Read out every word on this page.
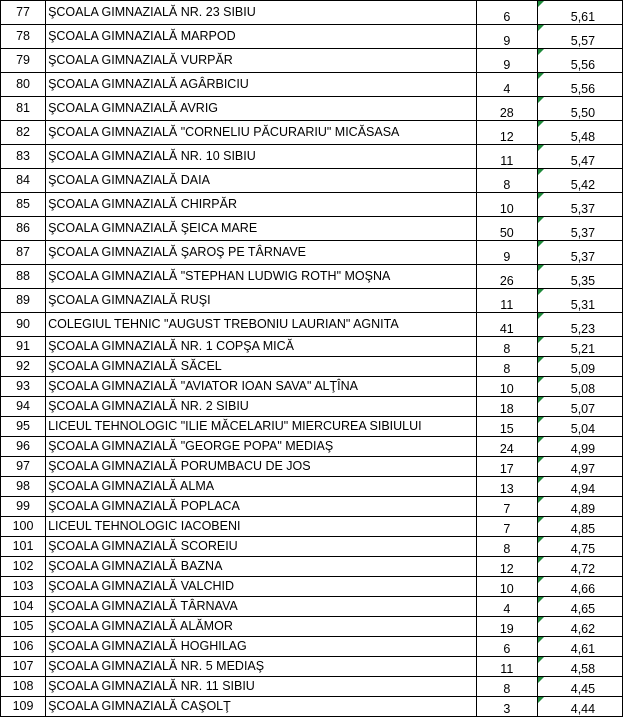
77	ŞCOALA GIMNAZIALĂ NR. 23 SIBIU	6	5,61
78	ŞCOALA GIMNAZIALĂ MARPOD	9	5,57
79	ŞCOALA GIMNAZIALĂ VURPĂR	9	5,56
80	ŞCOALA GIMNAZIALĂ AGÂRBICIU	4	5,56
81	ŞCOALA GIMNAZIALĂ AVRIG	28	5,50
82	ŞCOALA GIMNAZIALĂ "CORNELIU PĂCURARIU" MICĂSASA	12	5,48
83	ŞCOALA GIMNAZIALĂ NR. 10 SIBIU	11	5,47
84	ŞCOALA GIMNAZIALĂ DAIA	8	5,42
85	ŞCOALA GIMNAZIALĂ CHIRPĂR	10	5,37
86	ŞCOALA GIMNAZIALĂ ŞEICA MARE	50	5,37
87	ŞCOALA GIMNAZIALĂ ŞAROŞ PE TÂRNAVE	9	5,37
88	ŞCOALA GIMNAZIALĂ "STEPHAN LUDWIG ROTH" MOŞNA	26	5,35
89	ŞCOALA GIMNAZIALĂ RUŞI	11	5,31
90	COLEGIUL TEHNIC "AUGUST TREBONIU LAURIAN" AGNITA	41	5,23
91	ŞCOALA GIMNAZIALĂ NR. 1 COPŞA MICĂ	8	5,21
92	ŞCOALA GIMNAZIALĂ SĂCEL	8	5,09
93	ŞCOALA GIMNAZIALĂ "AVIATOR IOAN SAVA" ALŢÎNA	10	5,08
94	ŞCOALA GIMNAZIALĂ NR. 2 SIBIU	18	5,07
95	LICEUL TEHNOLOGIC "ILIE MĂCELARIU" MIERCUREA SIBIULUI	15	5,04
96	ŞCOALA GIMNAZIALĂ "GEORGE POPA" MEDIAŞ	24	4,99
97	ŞCOALA GIMNAZIALĂ PORUMBACU DE JOS	17	4,97
98	ŞCOALA GIMNAZIALĂ ALMA	13	4,94
99	ŞCOALA GIMNAZIALĂ POPLACA	7	4,89
100	LICEUL TEHNOLOGIC IACOBENI	7	4,85
101	ŞCOALA GIMNAZIALĂ SCOREIU	8	4,75
102	ŞCOALA GIMNAZIALĂ BAZNA	12	4,72
103	ŞCOALA GIMNAZIALĂ VALCHID	10	4,66
104	ŞCOALA GIMNAZIALĂ TÂRNAVA	4	4,65
105	ŞCOALA GIMNAZIALĂ ALĂMOR	19	4,62
106	ŞCOALA GIMNAZIALĂ HOGHILAG	6	4,61
107	ŞCOALA GIMNAZIALĂ NR. 5 MEDIAŞ	11	4,58
108	ŞCOALA GIMNAZIALĂ NR. 11 SIBIU	8	4,45
109	ŞCOALA GIMNAZIALĂ CAŞOLŢ	3	4,44
